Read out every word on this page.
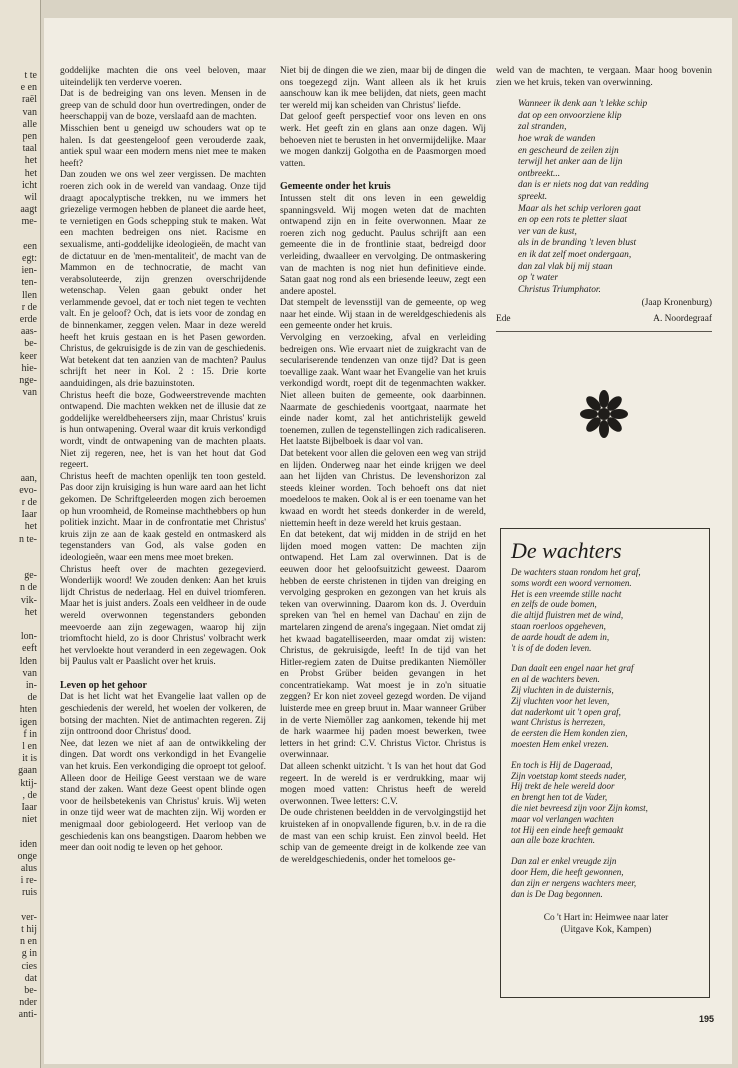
t te
e en
raël
van
alle
pen
taal
het
het
icht
wil
aagt
me-
een
egt:
ien-
ten-
llen
r de
erde
aas-
be-
keer
hie-
nge-
van
aan,
evo-
r de
Iaar
het
n te-
ge-
n de
vik-
het
lon-
eeft
lden
van
in-
de
hten
igen
f in
l en
it is
gaan
ktij-
, de
Iaar
niet
iden
onge
alus
i re-
ruis
ver-
t hij
n en
g in
cies
dat
be-
nder
anti-

goddelijke machten die ons veel beloven, maar uiteindelijk ten verderve voeren.

Dat is de bedreiging van ons leven. Mensen in de greep van de schuld door hun overtredingen, onder de heerschappij van de boze, verslaafd aan de machten.

Misschien bent u geneigd uw schouders wat op te halen. Is dat geestengeloof geen verouderde zaak, antiek spul waar een modern mens niet mee te maken heeft?

Dan zouden we ons wel zeer vergissen. De machten roeren zich ook in de wereld van vandaag. Onze tijd draagt apocalyptische trekken, nu we immers het griezelige vermogen hebben de planeet die aarde heet, te vernietigen en Gods schepping stuk te maken. Wat een machten bedreigen ons niet. Racisme en sexualisme, anti-goddelijke ideologieën, de macht van de dictatuur en de 'men-mentaliteit', de macht van de Mammon en de technocratie, de macht van verabsoluteerde, zijn grenzen overschrijdende wetenschap. Velen gaan gebukt onder het verlammende gevoel, dat er toch niet tegen te vechten valt. En je geloof? Och, dat is iets voor de zondag en de binnenkamer, zeggen velen. Maar in deze wereld heeft het kruis gestaan en is het Pasen geworden. Christus, de gekruisigde is de zin van de geschiedenis. Wat betekent dat ten aanzien van de machten? Paulus schrijft het neer in Kol. 2 : 15. Drie korte aanduidingen, als drie bazuinstoten.

Christus heeft die boze, Godweerstrevende machten ontwapend. Die machten wekken net de illusie dat ze goddelijke wereldbeheersers zijn, maar Christus' kruis is hun ontwapening. Overal waar dit kruis verkondigd wordt, vindt de ontwapening van de machten plaats. Niet zij regeren, nee, het is van het hout dat God regeert.

Christus heeft de machten openlijk ten toon gesteld. Pas door zijn kruisiging is hun ware aard aan het licht gekomen. De Schriftgeleerden mogen zich beroemen op hun vroomheid, de Romeinse machthebbers op hun politiek inzicht. Maar in de confrontatie met Christus' kruis zijn ze aan de kaak gesteld en ontmaskerd als tegenstanders van God, als valse goden en ideologieën, waar een mens mee moet breken.

Christus heeft over de machten gezegevierd. Wonderlijk woord! We zouden denken: Aan het kruis lijdt Christus de nederlaag. Hel en duivel triomferen. Maar het is juist anders. Zoals een veldheer in de oude wereld overwonnen tegenstanders gebonden meevoerde aan zijn zegewagen, waarop hij zijn triomftocht hield, zo is door Christus' volbracht werk het vervloekte hout veranderd in een zegewagen. Ook bij Paulus valt er Paaslicht over het kruis.

Leven op het gehoor

Dat is het licht wat het Evangelie laat vallen op de geschiedenis der wereld, het woelen der volkeren, de botsing der machten. Niet de antimachten regeren. Zij zijn onttroond door Christus' dood.

Nee, dat lezen we niet af aan de ontwikkeling der dingen. Dat wordt ons verkondigd in het Evangelie van het kruis. Een verkondiging die oproept tot geloof. Alleen door de Heilige Geest verstaan we de ware stand der zaken. Want deze Geest opent blinde ogen voor de heilsbetekenis van Christus' kruis. Wij weten in onze tijd weer wat de machten zijn. Wij worden er menigmaal door gebiologeerd. Het verloop van de geschiedenis kan ons beangstigen. Daarom hebben we meer dan ooit nodig te leven op het gehoor.

Niet bij de dingen die we zien, maar bij de dingen die ons toegezegd zijn. Want alleen als ik het kruis aanschouw kan ik mee belijden, dat niets, geen macht ter wereld mij kan scheiden van Christus' liefde.

Dat geloof geeft perspectief voor ons leven en ons werk. Het geeft zin en glans aan onze dagen. Wij behoeven niet te berusten in het onvermijdelijke. Maar we mogen dankzij Golgotha en de Paasmorgen moed vatten.

Gemeente onder het kruis

Intussen stelt dit ons leven in een geweldig spanningsveld. Wij mogen weten dat de machten ontwapend zijn en in feite overwonnen. Maar ze roeren zich nog geducht. Paulus schrijft aan een gemeente die in de frontlinie staat, bedreigd door verleiding, dwaalleer en vervolging. De ontmaskering van de machten is nog niet hun definitieve einde. Satan gaat nog rond als een briesende leeuw, zegt een andere apostel.

Dat stempelt de levensstijl van de gemeente, op weg naar het einde. Wij staan in de wereldgeschiedenis als een gemeente onder het kruis.

Vervolging en verzoeking, afval en verleiding bedreigen ons. Wie ervaart niet de zuigkracht van de seculariserende tendenzen van onze tijd? Dat is geen toevallige zaak. Want waar het Evangelie van het kruis verkondigd wordt, roept dit de tegenmachten wakker. Niet alleen buiten de gemeente, ook daarbinnen. Naarmate de geschiedenis voortgaat, naarmate het einde nader komt, zal het antichristelijk geweld toenemen, zullen de tegenstellingen zich radicaliseren. Het laatste Bijbelboek is daar vol van.

Dat betekent voor allen die geloven een weg van strijd en lijden. Onderweg naar het einde krijgen we deel aan het lijden van Christus. De levenshorizon zal steeds kleiner worden. Toch behoeft ons dat niet moedeloos te maken. Ook al is er een toename van het kwaad en wordt het steeds donkerder in de wereld, niettemin heeft in deze wereld het kruis gestaan.

En dat betekent, dat wij midden in de strijd en het lijden moed mogen vatten: De machten zijn ontwapend. Het Lam zal overwinnen. Dat is de eeuwen door het geloofsuitzicht geweest. Daarom hebben de eerste christenen in tijden van dreiging en vervolging gesproken en gezongen van het kruis als teken van overwinning. Daarom kon ds. J. Overduin spreken van 'hel en hemel van Dachau' en zijn de martelaren zingend de arena's ingegaan. Niet omdat zij het kwaad bagatelliseerden, maar omdat zij wisten: Christus, de gekruisigde, leeft! In de tijd van het Hitler-regiem zaten de Duitse predikanten Niemöller en Probst Grüber beiden gevangen in het concentratiekamp. Wat moest je in zo'n situatie zeggen? Er kon niet zoveel gezegd worden. De vijand luisterde mee en greep bruut in. Maar wanneer Grüber in de verte Niemöller zag aankomen, tekende hij met de hark waarmee hij paden moest bewerken, twee letters in het grind: C.V. Christus Victor. Christus is overwinnaar.

Dat alleen schenkt uitzicht. 't Is van het hout dat God regeert. In de wereld is er verdrukking, maar wij mogen moed vatten: Christus heeft de wereld overwonnen. Twee letters: C.V.

De oude christenen beeldden in de vervolgingstijd het kruisteken af in onopvallende figuren, b.v. in de ra die de mast van een schip kruist. Een zinvol beeld. Het schip van de gemeente dreigt in de kolkende zee van de wereldgeschiedenis, onder het tomeloos ge-

weld van de machten, te vergaan. Maar hoog bovenin zien we het kruis, teken van overwinning.

Wanneer ik denk aan 't lekke schip
dat op een onvoorziene klip
zal stranden,
hoe wrak de wanden
en gescheurd de zeilen zijn
terwijl het anker aan de lijn
ontbreekt...
dan is er niets nog dat van redding
spreekt.
Maar als het schip verloren gaat
en op een rots te pletter slaat
ver van de kust,
als in de branding 't leven blust
en ik dat zelf moet ondergaan,
dan zal vlak bij mij staan
op 't water
Christus Triumphator.
(Jaap Kronenburg)
Ede	A. Noordegraaf
De wachters
De wachters staan rondom het graf,
soms wordt een woord vernomen.
Het is een vreemde stille nacht
en zelfs de oude bomen,
die altijd fluistren met de wind,
staan roerloos opgeheven,
de aarde houdt de adem in,
't is of de doden leven.
Dan daalt een engel naar het graf
en al de wachters beven.
Zij vluchten in de duisternis,
Zij vluchten voor het leven,
dat naderkomt uit 't open graf,
want Christus is herrezen,
de eersten die Hem konden zien,
moesten Hem enkel vrezen.
En toch is Hij de Dageraad,
Zijn voetstap komt steeds nader,
Hij trekt de hele wereld door
en brengt hen tot de Vader,
die niet bevreesd zijn voor Zijn komst,
maar vol verlangen wachten
tot Hij een einde heeft gemaakt
aan alle boze krachten.
Dan zal er enkel vreugde zijn
door Hem, die heeft gewonnen,
dan zijn er nergens wachters meer,
dan is De Dag begonnen.
Co 't Hart in: Heimwee naar later
(Uitgave Kok, Kampen)
195
